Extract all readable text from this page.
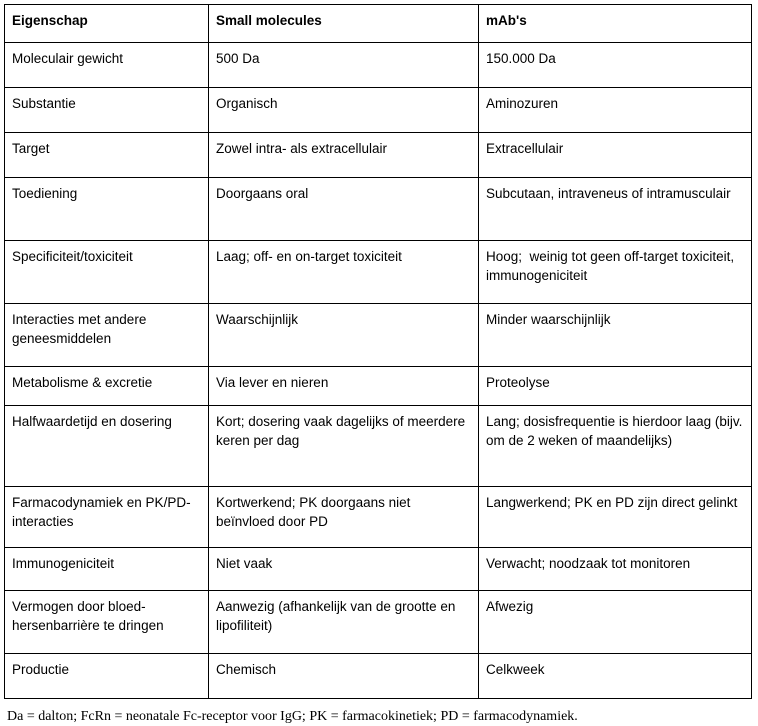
Eigenschap	Small molecules	mAb's
Moleculair gewicht	500 Da	150.000 Da
Substantie	Organisch	Aminozuren
Target	Zowel intra- als extracellulair	Extracellulair
Toediening	Doorgaans oral	Subcutaan, intraveneus of intramusculair
Specificiteit/toxiciteit	Laag; off- en on-target toxiciteit	Hoog;  weinig tot geen off-target toxiciteit, immunogeniciteit
Interacties met andere geneesmiddelen	Waarschijnlijk	Minder waarschijnlijk
Metabolisme & excretie	Via lever en nieren	Proteolyse
Halfwaardetijd en dosering	Kort; dosering vaak dagelijks of meerdere keren per dag	Lang; dosisfrequentie is hierdoor laag (bijv. om de 2 weken of maandelijks)
Farmacodynamiek en PK/PD-interacties	Kortwerkend; PK doorgaans niet beïnvloed door PD	Langwerkend; PK en PD zijn direct gelinkt
Immunogeniciteit	Niet vaak	Verwacht; noodzaak tot monitoren
Vermogen door bloed-hersenbarrière te dringen	Aanwezig (afhankelijk van de grootte en lipofiliteit)	Afwezig
Productie	Chemisch	Celkweek
Da = dalton; FcRn = neonatale Fc-receptor voor IgG; PK = farmacokinetiek; PD = farmacodynamiek.
